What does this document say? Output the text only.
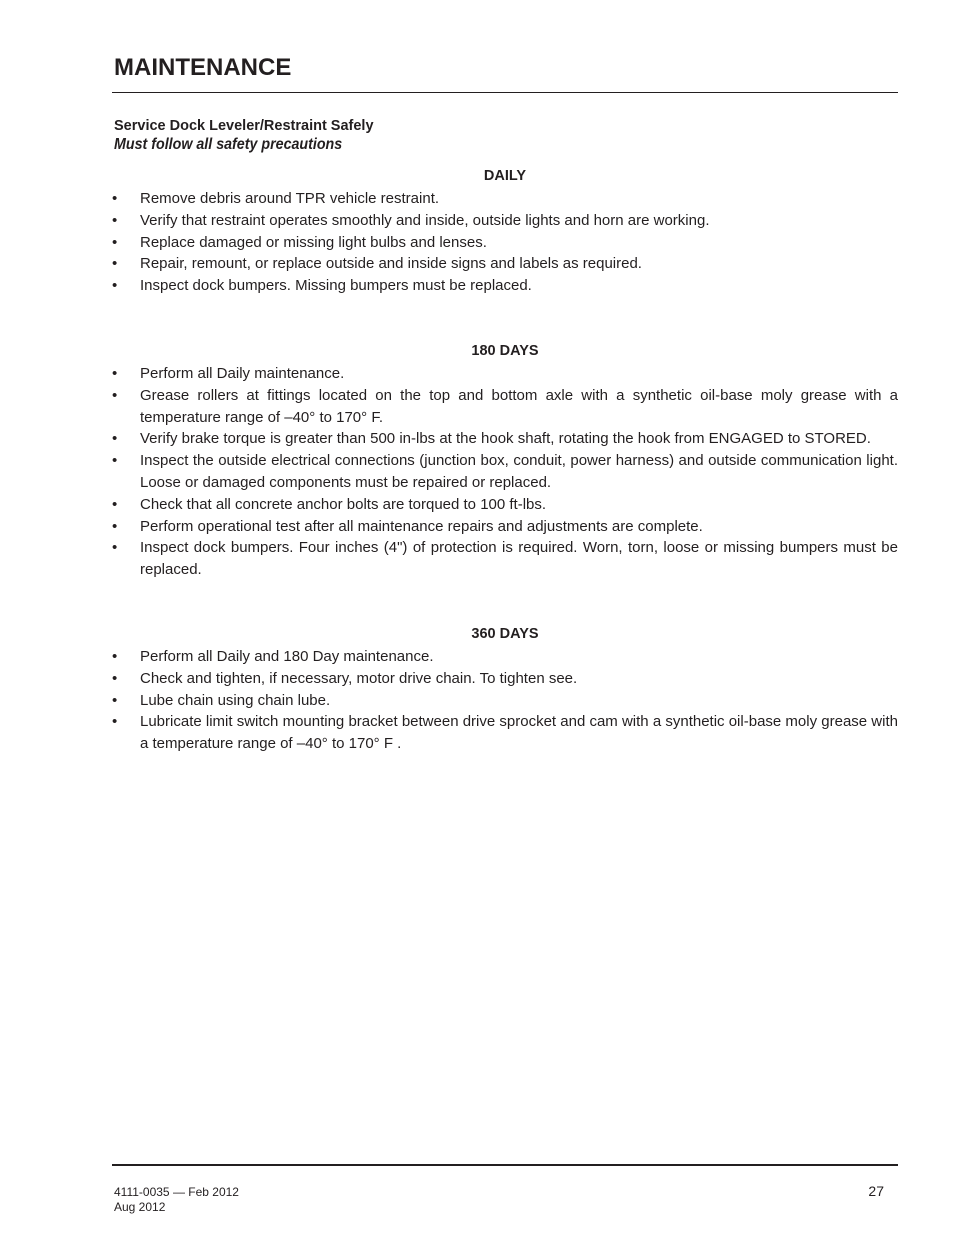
MAINTENANCE
Service Dock Leveler/Restraint Safely
Must follow all safety precautions
DAILY
•	Remove debris around TPR vehicle restraint.
•	Verify that restraint operates smoothly and inside, outside lights and horn are working.
•	Replace damaged or missing light bulbs and lenses.
•	Repair, remount, or replace outside and inside signs and labels as required.
•	Inspect dock bumpers. Missing bumpers must be replaced.
180 DAYS
•	Perform all Daily maintenance.
•	Grease rollers at fittings located on the top and bottom axle with a synthetic oil-base moly grease with a temperature range of –40° to 170° F.
•	Verify brake torque is greater than 500 in-lbs at the hook shaft, rotating the hook from ENGAGED to STORED.
•	Inspect the outside electrical connections (junction box, conduit, power harness) and outside communication light. Loose or damaged components must be repaired or replaced.
•	Check that all concrete anchor bolts are torqued to 100 ft-lbs.
•	Perform operational test after all maintenance repairs and adjustments are complete.
•	Inspect dock bumpers. Four inches (4") of protection is required. Worn, torn, loose or missing bumpers must be replaced.
360 DAYS
•	Perform all Daily and 180 Day maintenance.
•	Check and tighten, if necessary, motor drive chain. To tighten see.
•	Lube chain using chain lube.
•	Lubricate limit switch mounting bracket between drive sprocket and cam with a synthetic oil-base moly grease with a temperature range of –40° to 170° F .
4111-0035 — Feb 2012
Aug 2012
27
